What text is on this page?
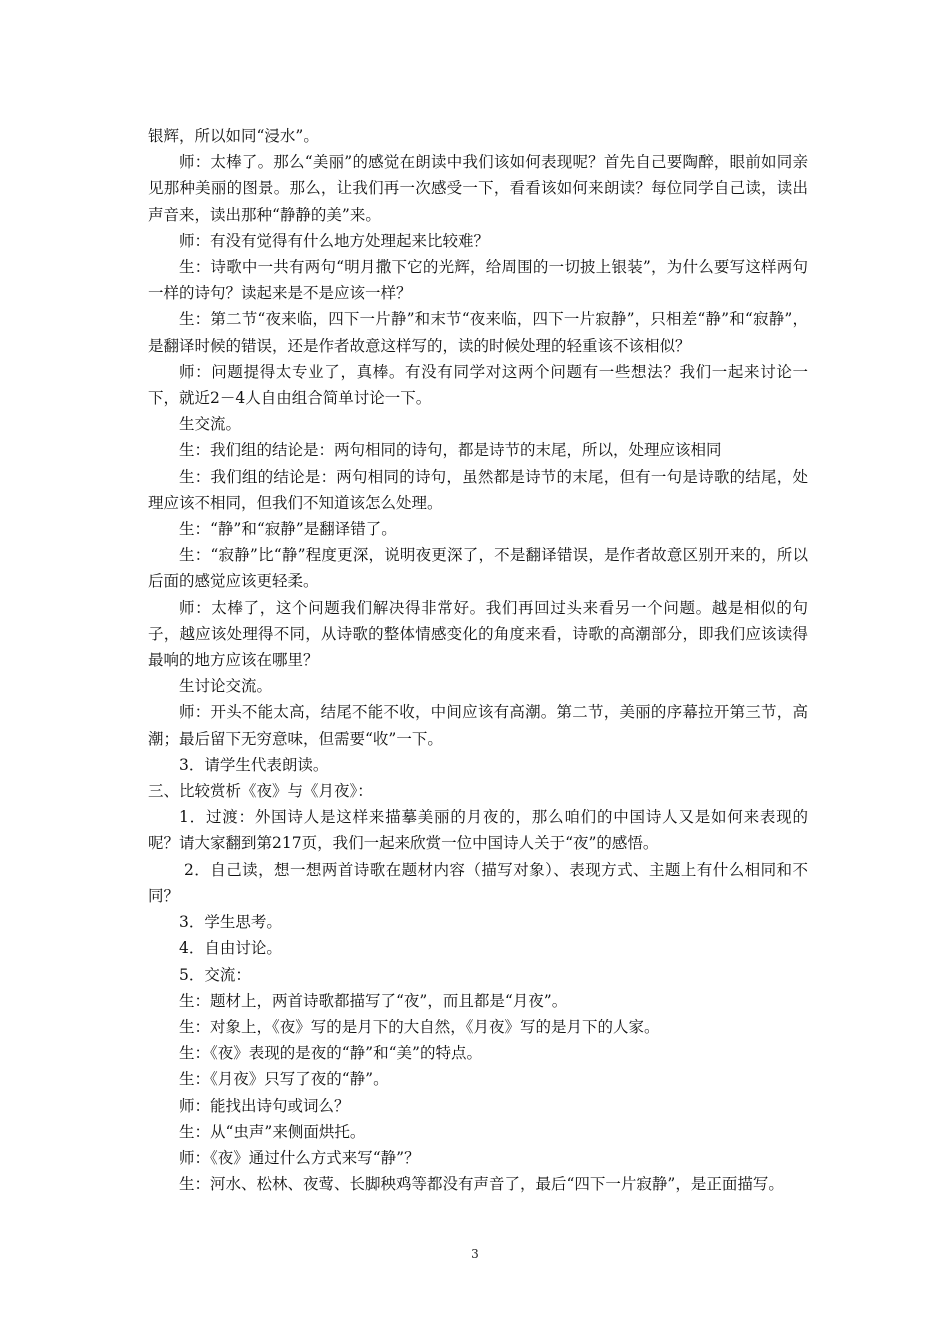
银辉，所以如同“浸水”。

师：太棒了。那么“美丽”的感觉在朗读中我们该如何表现呢？首先自己要陶醉，眼前如同亲见那种美丽的图景。那么，让我们再一次感受一下，看看该如何来朗读？每位同学自己读，读出声音来，读出那种“静静的美”来。

师：有没有觉得有什么地方处理起来比较难？

生：诗歌中一共有两句“明月撒下它的光辉，给周围的一切披上银装”，为什么要写这样两句一样的诗句？读起来是不是应该一样？

生：第二节“夜来临，四下一片静”和末节“夜来临，四下一片寂静”，只相差“静”和“寂静”，是翻译时候的错误，还是作者故意这样写的，读的时候处理的轻重该不该相似？

师：问题提得太专业了，真棒。有没有同学对这两个问题有一些想法？我们一起来讨论一下，就近2－4人自由组合简单讨论一下。

生交流。

生：我们组的结论是：两句相同的诗句，都是诗节的末尾，所以，处理应该相同

生：我们组的结论是：两句相同的诗句，虽然都是诗节的末尾，但有一句是诗歌的结尾，处理应该不相同，但我们不知道该怎么处理。

生：“静”和“寂静”是翻译错了。

生：“寂静”比“静”程度更深，说明夜更深了，不是翻译错误，是作者故意区别开来的，所以后面的感觉应该更轻柔。

师：太棒了，这个问题我们解决得非常好。我们再回过头来看另一个问题。越是相似的句子，越应该处理得不同，从诗歌的整体情感变化的角度来看，诗歌的高潮部分，即我们应该读得最响的地方应该在哪里？

生讨论交流。

师：开头不能太高，结尾不能不收，中间应该有高潮。第二节，美丽的序幕拉开第三节，高潮；最后留下无穷意味，但需要“收”一下。

3．请学生代表朗读。

三、比较赏析《夜》与《月夜》：

1．过渡：外国诗人是这样来描摹美丽的月夜的，那么咱们的中国诗人又是如何来表现的呢？请大家翻到第217页，我们一起来欣赏一位中国诗人关于“夜”的感悟。

2．自己读，想一想两首诗歌在题材内容（描写对象）、表现方式、主题上有什么相同和不同？

3．学生思考。

4．自由讨论。

5．交流：

生：题材上，两首诗歌都描写了“夜”，而且都是“月夜”。

生：对象上，《夜》写的是月下的大自然，《月夜》写的是月下的人家。

生：《夜》表现的是夜的“静”和“美”的特点。

生：《月夜》只写了夜的“静”。

师：能找出诗句或词么？

生：从“虫声”来侧面烘托。

师：《夜》通过什么方式来写“静”？

生：河水、松林、夜莺、长脚秧鸡等都没有声音了，最后“四下一片寂静”，是正面描写。

3
